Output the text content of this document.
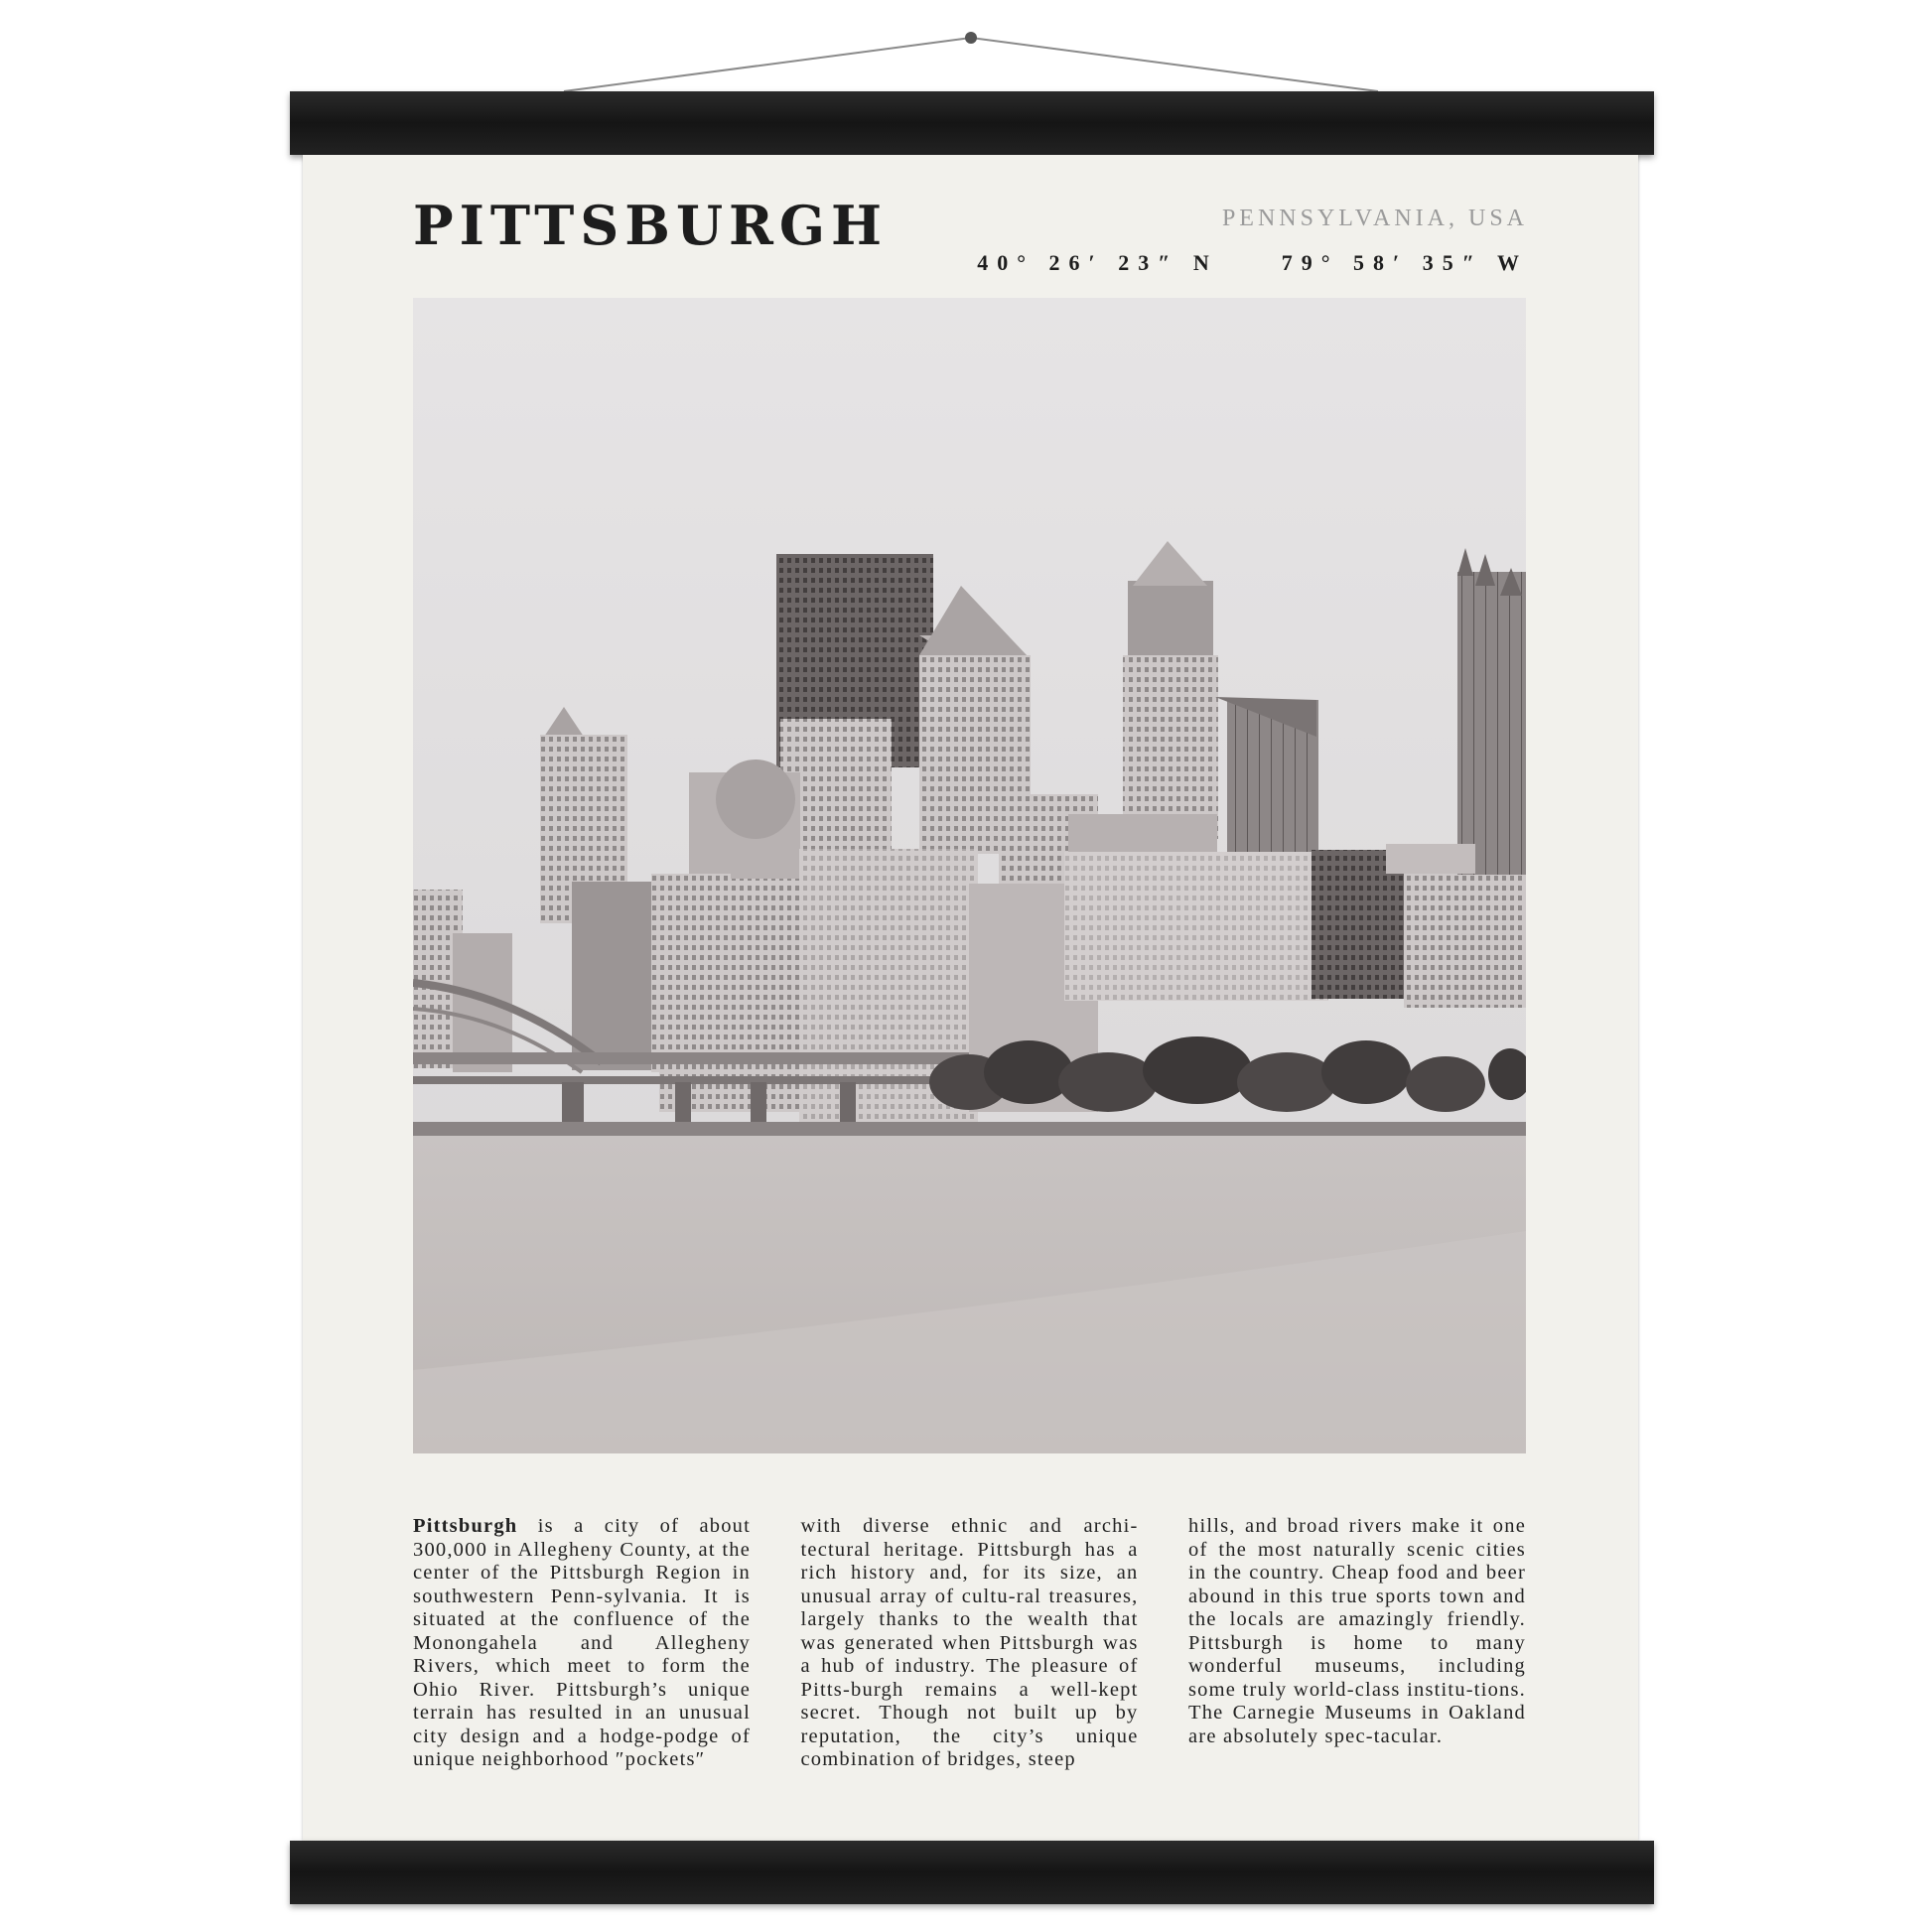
PITTSBURGH	PENNSYLVANIA, USA
40° 26′ 23″ N	79° 58′ 35″ W
Pittsburgh is a city of about 300,000 in Allegheny County, at the center of the Pittsburgh Region in southwestern Penn-sylvania. It is situated at the confluence of the Monongahela and Allegheny Rivers, which meet to form the Ohio River. Pittsburgh’s unique terrain has resulted in an unusual city design and a hodge-podge of unique neighborhood ″pockets″
with diverse ethnic and archi-tectural heritage. Pittsburgh has a rich history and, for its size, an unusual array of cultu-ral treasures, largely thanks to the wealth that was generated when Pittsburgh was a hub of industry. The pleasure of Pitts-burgh remains a well-kept secret. Though not built up by reputation, the city’s unique combination of bridges, steep
hills, and broad rivers make it one of the most naturally scenic cities in the country. Cheap food and beer abound in this true sports town and the locals are amazingly friendly. Pittsburgh is home to many wonderful museums, including some truly world-class institu-tions. The Carnegie Museums in Oakland are absolutely spec-tacular.
